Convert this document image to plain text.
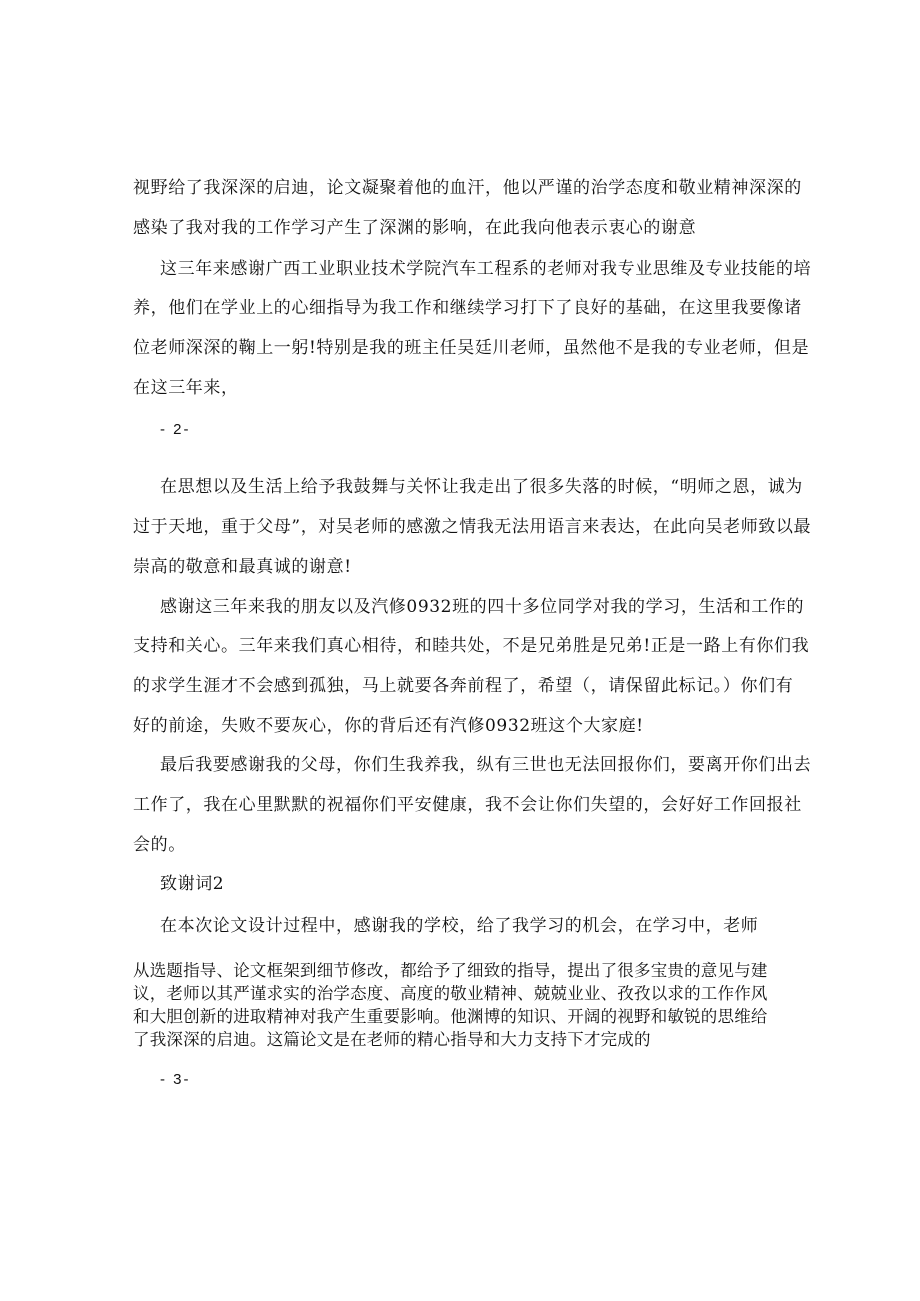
视野给了我深深的启迪，论文凝聚着他的血汗，他以严谨的治学态度和敬业精神深深的
感染了我对我的工作学习产生了深渊的影响，在此我向他表示衷心的谢意
这三年来感谢广西工业职业技术学院汽车工程系的老师对我专业思维及专业技能的培
养，他们在学业上的心细指导为我工作和继续学习打下了良好的基础，在这里我要像诸
位老师深深的鞠上一躬!特别是我的班主任吴廷川老师，虽然他不是我的专业老师，但是
在这三年来，
- 2-
在思想以及生活上给予我鼓舞与关怀让我走出了很多失落的时候，“明师之恩，诚为
过于天地，重于父母”，对吴老师的感激之情我无法用语言来表达，在此向吴老师致以最
崇高的敬意和最真诚的谢意!
感谢这三年来我的朋友以及汽修0932班的四十多位同学对我的学习，生活和工作的
支持和关心。三年来我们真心相待，和睦共处，不是兄弟胜是兄弟!正是一路上有你们我
的求学生涯才不会感到孤独，马上就要各奔前程了，希望（，请保留此标记。）你们有
好的前途，失败不要灰心，你的背后还有汽修0932班这个大家庭!
最后我要感谢我的父母，你们生我养我，纵有三世也无法回报你们，要离开你们出去
工作了，我在心里默默的祝福你们平安健康，我不会让你们失望的，会好好工作回报社
会的。
致谢词2
在本次论文设计过程中，感谢我的学校，给了我学习的机会，在学习中，老师
从选题指导、论文框架到细节修改，都给予了细致的指导，提出了很多宝贵的意见与建
议，老师以其严谨求实的治学态度、高度的敬业精神、兢兢业业、孜孜以求的工作作风
和大胆创新的进取精神对我产生重要影响。他渊博的知识、开阔的视野和敏锐的思维给
了我深深的启迪。这篇论文是在老师的精心指导和大力支持下才完成的
- 3-
